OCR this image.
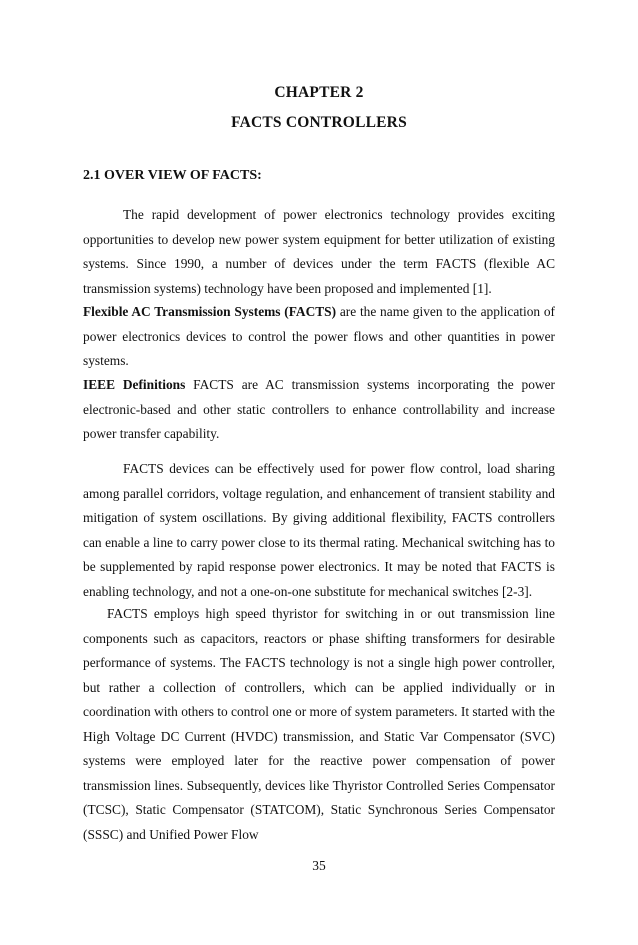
CHAPTER 2
FACTS CONTROLLERS
2.1 OVER VIEW OF FACTS:

The rapid development of power electronics technology provides exciting opportunities to develop new power system equipment for better utilization of existing systems. Since 1990, a number of devices under the term FACTS (flexible AC transmission systems) technology have been proposed and implemented [1].

Flexible AC Transmission Systems (FACTS) are the name given to the application of power electronics devices to control the power flows and other quantities in power systems.

IEEE Definitions FACTS are AC transmission systems incorporating the power electronic-based and other static controllers to enhance controllability and increase power transfer capability.

FACTS devices can be effectively used for power flow control, load sharing among parallel corridors, voltage regulation, and enhancement of transient stability and mitigation of system oscillations. By giving additional flexibility, FACTS controllers can enable a line to carry power close to its thermal rating. Mechanical switching has to be supplemented by rapid response power electronics. It may be noted that FACTS is enabling technology, and not a one-on-one substitute for mechanical switches [2-3].

FACTS employs high speed thyristor for switching in or out transmission line components such as capacitors, reactors or phase shifting transformers for desirable performance of systems. The FACTS technology is not a single high power controller, but rather a collection of controllers, which can be applied individually or in coordination with others to control one or more of system parameters. It started with the High Voltage DC Current (HVDC) transmission, and Static Var Compensator (SVC) systems were employed later for the reactive power compensation of power transmission lines. Subsequently, devices like Thyristor Controlled Series Compensator (TCSC), Static Compensator (STATCOM), Static Synchronous Series Compensator (SSSC) and Unified Power Flow

35
